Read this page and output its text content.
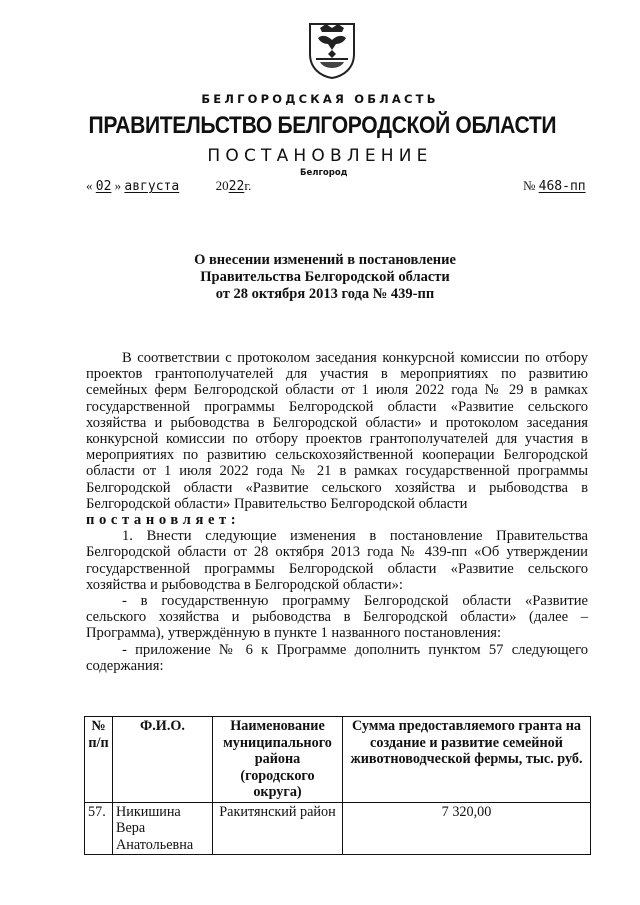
БЕЛГОРОДСКАЯ ОБЛАСТЬ
ПРАВИТЕЛЬСТВО БЕЛГОРОДСКОЙ ОБЛАСТИ
ПОСТАНОВЛЕНИЕ
Белгород
« 02 » августа	2022г.	№ 468-пп
О внесении изменений в постановление
Правительства Белгородской области
от 28 октября 2013 года № 439-пп

В соответствии с протоколом заседания конкурсной комиссии по отбору проектов грантополучателей для участия в мероприятиях по развитию семейных ферм Белгородской области от 1 июля 2022 года № 29 в рамках государственной программы Белгородской области «Развитие сельского хозяйства и рыбоводства в Белгородской области» и протоколом заседания конкурсной комиссии по отбору проектов грантополучателей для участия в мероприятиях по развитию сельскохозяйственной кооперации Белгородской области от 1 июля 2022 года № 21 в рамках государственной программы Белгородской области «Развитие сельского хозяйства и рыбоводства в Белгородской области» Правительство Белгородской области

постановляет:

1. Внести следующие изменения в постановление Правительства Белгородской области от 28 октября 2013 года № 439-пп «Об утверждении государственной программы Белгородской области «Развитие сельского хозяйства и рыбоводства в Белгородской области»:

- в государственную программу Белгородской области «Развитие сельского хозяйства и рыбоводства в Белгородской области» (далее – Программа), утверждённую в пункте 1 названного постановления:

- приложение № 6 к Программе дополнить пунктом 57 следующего содержания:

№ п/п	Ф.И.О.	Наименование муниципального района (городского округа)	Сумма предоставляемого гранта на создание и развитие семейной животноводческой фермы, тыс. руб.
57.	Никишина Вера Анатольевна	Ракитянский район	7 320,00
